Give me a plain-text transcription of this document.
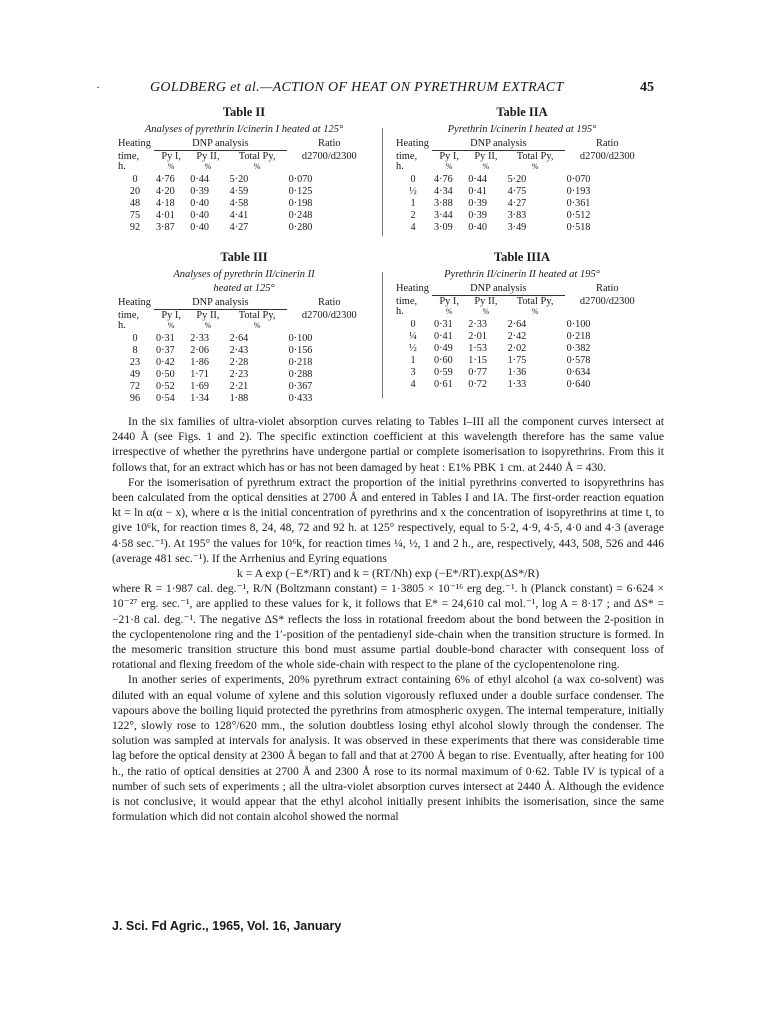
·	GOLDBERG et al.—ACTION OF HEAT ON PYRETHRUM EXTRACT	45
Table II
Analyses of pyrethrin I/cinerin I heated at 125°
Heating	DNP analysis			Ratio
time,	Py I,	Py II,	Total Py,	d2700/d2300
h.	%	%	%	

0	4·76	0·44	5·20	0·070
20	4·20	0·39	4·59	0·125
48	4·18	0·40	4·58	0·198
75	4·01	0·40	4·41	0·248
92	3·87	0·40	4·27	0·280
Table IIA
Pyrethrin I/cinerin I heated at 195°
Heating	DNP analysis			Ratio
time,	Py I,	Py II,	Total Py,	d2700/d2300
h.	%	%	%	

0	4·76	0·44	5·20	0·070
½	4·34	0·41	4·75	0·193
1	3·88	0·39	4·27	0·361
2	3·44	0·39	3·83	0·512
4	3·09	0·40	3·49	0·518
Table III
Analyses of pyrethrin II/cinerin II
heated at 125°
Heating	DNP analysis			Ratio
time,	Py I,	Py II,	Total Py,	d2700/d2300
h.	%	%	%	

0	0·31	2·33	2·64	0·100
8	0·37	2·06	2·43	0·156
23	0·42	1·86	2·28	0·218
49	0·50	1·71	2·23	0·288
72	0·52	1·69	2·21	0·367
96	0·54	1·34	1·88	0·433
Table IIIA
Pyrethrin II/cinerin II heated at 195°
Heating	DNP analysis			Ratio
time,	Py I,	Py II,	Total Py,	d2700/d2300
h.	%	%	%	

0	0·31	2·33	2·64	0·100
¼	0·41	2·01	2·42	0·218
½	0·49	1·53	2·02	0·382
1	0·60	1·15	1·75	0·578
3	0·59	0·77	1·36	0·634
4	0·61	0·72	1·33	0·640

In the six families of ultra-violet absorption curves relating to Tables I–III all the component curves intersect at 2440 Å (see Figs. 1 and 2). The specific extinction coefficient at this wavelength therefore has the same value irrespective of whether the pyrethrins have undergone partial or complete isomerisation to isopyrethrins. From this it follows that, for an extract which has or has not been damaged by heat : E1% PBK 1 cm. at 2440 Å = 430.

For the isomerisation of pyrethrum extract the proportion of the initial pyrethrins converted to isopyrethrins has been calculated from the optical densities at 2700 Å and entered in Tables I and IA. The first-order reaction equation kt = ln α(α − x), where α is the initial concentration of pyrethrins and x the concentration of isopyrethrins at time t, to give 10⁶k, for reaction times 8, 24, 48, 72 and 92 h. at 125° respectively, equal to 5·2, 4·9, 4·5, 4·0 and 4·3 (average 4·58 sec.⁻¹). At 195° the values for 10⁶k, for reaction times ¼, ½, 1 and 2 h., are, respectively, 443, 508, 526 and 446 (average 481 sec.⁻¹). If the Arrhenius and Eyring equations

k = A exp (−E*/RT) and k = (RT/Nh) exp (−E*/RT).exp(ΔS*/R)

where R = 1·987 cal. deg.⁻¹, R/N (Boltzmann constant) = 1·3805 × 10⁻¹⁶ erg deg.⁻¹. h (Planck constant) = 6·624 × 10⁻²⁷ erg. sec.⁻¹, are applied to these values for k, it follows that E* = 24,610 cal mol.⁻¹, log A = 8·17 ; and ΔS* = −21·8 cal. deg.⁻¹. The negative ΔS* reflects the loss in rotational freedom about the bond between the 2-position in the cyclopentenolone ring and the 1′-position of the pentadienyl side-chain when the transition structure is formed. In the mesomeric transition structure this bond must assume partial double-bond character with consequent loss of rotational and flexing freedom of the whole side-chain with respect to the plane of the cyclopentenolone ring.

In another series of experiments, 20% pyrethrum extract containing 6% of ethyl alcohol (a wax co-solvent) was diluted with an equal volume of xylene and this solution vigorously refluxed under a double surface condenser. The vapours above the boiling liquid protected the pyrethrins from atmospheric oxygen. The internal temperature, initially 122°, slowly rose to 128°/620 mm., the solution doubtless losing ethyl alcohol slowly through the condenser. The solution was sampled at intervals for analysis. It was observed in these experiments that there was considerable time lag before the optical density at 2300 Å began to fall and that at 2700 Å began to rise. Eventually, after heating for 100 h., the ratio of optical densities at 2700 Å and 2300 Å rose to its normal maximum of 0·62. Table IV is typical of a number of such sets of experiments ; all the ultra-violet absorption curves intersect at 2440 Å. Although the evidence is not conclusive, it would appear that the ethyl alcohol initially present inhibits the isomerisation, since the same formulation which did not contain alcohol showed the normal

J. Sci. Fd Agric., 1965, Vol. 16, January
